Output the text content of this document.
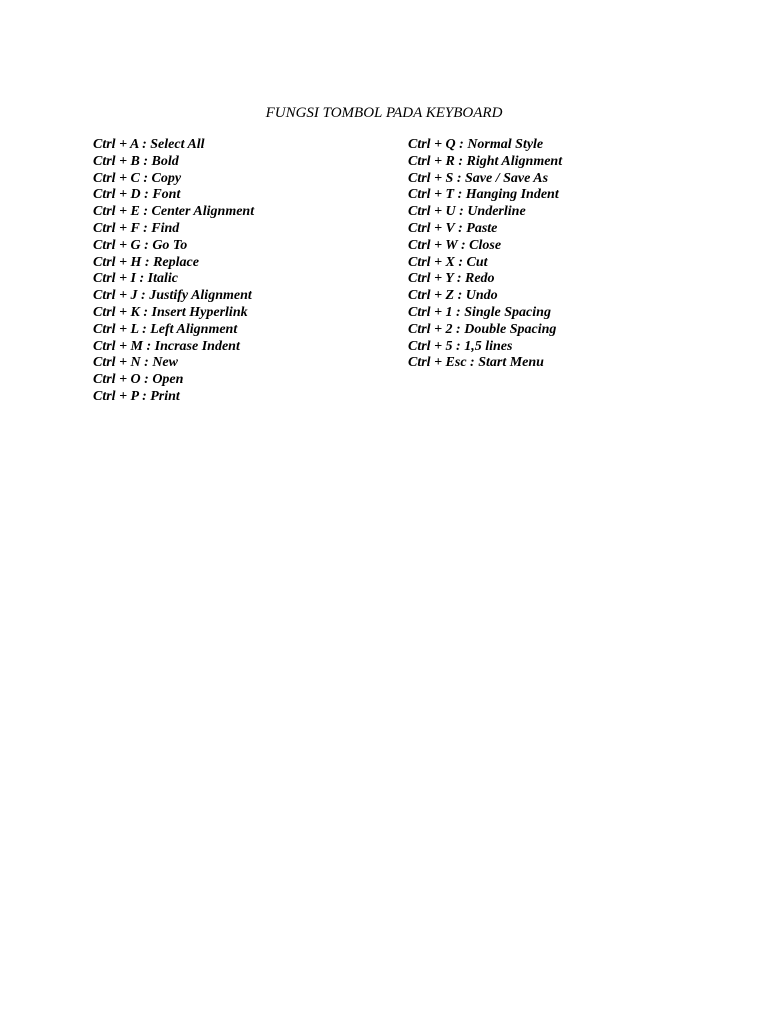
FUNGSI TOMBOL PADA KEYBOARD
Ctrl + A : Select All
Ctrl + B : Bold
Ctrl + C : Copy
Ctrl + D : Font
Ctrl + E : Center Alignment
Ctrl + F : Find
Ctrl + G : Go To
Ctrl + H : Replace
Ctrl + I : Italic
Ctrl + J : Justify Alignment
Ctrl + K : Insert Hyperlink
Ctrl + L : Left Alignment
Ctrl + M : Incrase Indent
Ctrl + N : New
Ctrl + O : Open
Ctrl + P : Print
Ctrl + Q : Normal Style
Ctrl + R : Right Alignment
Ctrl + S : Save / Save As
Ctrl + T : Hanging Indent
Ctrl + U : Underline
Ctrl + V : Paste
Ctrl + W : Close
Ctrl + X : Cut
Ctrl + Y : Redo
Ctrl + Z : Undo
Ctrl + 1 : Single Spacing
Ctrl + 2 : Double Spacing
Ctrl + 5 : 1,5 lines
Ctrl + Esc : Start Menu
